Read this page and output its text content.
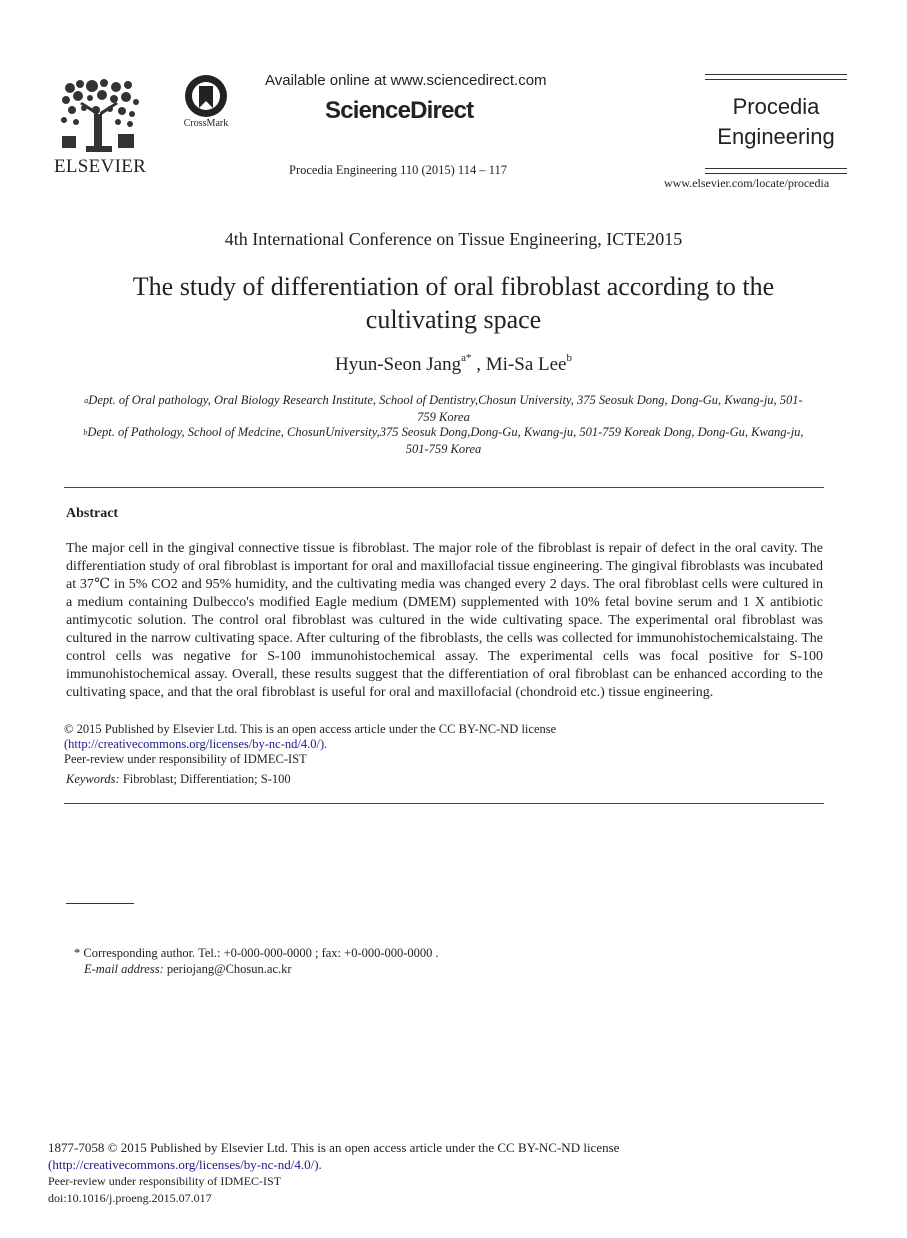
ELSEVIER
CrossMark
Available online at www.sciencedirect.com
ScienceDirect
Procedia Engineering 110 (2015) 114 – 117
Procedia
Engineering
www.elsevier.com/locate/procedia
4th International Conference on Tissue Engineering, ICTE2015
The study of differentiation of oral fibroblast according to the
cultivating space
Hyun-Seon Jang$^{a*}$ , Mi-Sa Lee$^b$
$^a$Dept. of Oral pathology, Oral Biology Research Institute, School of Dentistry,Chosun University, 375 Seosuk Dong, Dong-Gu, Kwang-ju, 501-
759 Korea
$^b$Dept. of Pathology, School of Medcine, ChosunUniversity,375 Seosuk Dong,Dong-Gu, Kwang-ju, 501-759 Koreak Dong, Dong-Gu, Kwang-ju,
501-759 Korea
Abstract
The major cell in the gingival connective tissue is fibroblast. The major role of the fibroblast is repair of defect in the oral cavity. The differentiation study of oral fibroblast is important for oral and maxillofacial tissue engineering. The gingival fibroblasts was incubated at 37℃ in 5% CO2 and 95% humidity, and the cultivating media was changed every 2 days. The oral fibroblast cells were cultured in a medium containing Dulbecco's modified Eagle medium (DMEM) supplemented with 10% fetal bovine serum and 1 X antibiotic antimycotic solution. The control oral fibroblast was cultured in the wide cultivating space. The experimental oral fibroblast was cultured in the narrow cultivating space. After culturing of the fibroblasts, the cells was collected for immunohistochemicalstaing. The control cells was negative for S-100 immunohistochemical assay. The experimental cells was focal positive for S-100 immunohistochemical assay. Overall, these results suggest that the differentiation of oral fibroblast can be enhanced according to the cultivating space, and that the oral fibroblast is useful for oral and maxillofacial (chondroid etc.) tissue engineering.
© 2015 Published by Elsevier Ltd. This is an open access article under the CC BY-NC-ND license
(http://creativecommons.org/licenses/by-nc-nd/4.0/).
Peer-review under responsibility of IDMEC-IST
Keywords: Fibroblast; Differentiation; S-100
* Corresponding author. Tel.: +0-000-000-0000 ; fax: +0-000-000-0000 .
E-mail address: periojang@Chosun.ac.kr
1877-7058 © 2015 Published by Elsevier Ltd. This is an open access article under the CC BY-NC-ND license
(http://creativecommons.org/licenses/by-nc-nd/4.0/).
Peer-review under responsibility of IDMEC-IST
doi:10.1016/j.proeng.2015.07.017
